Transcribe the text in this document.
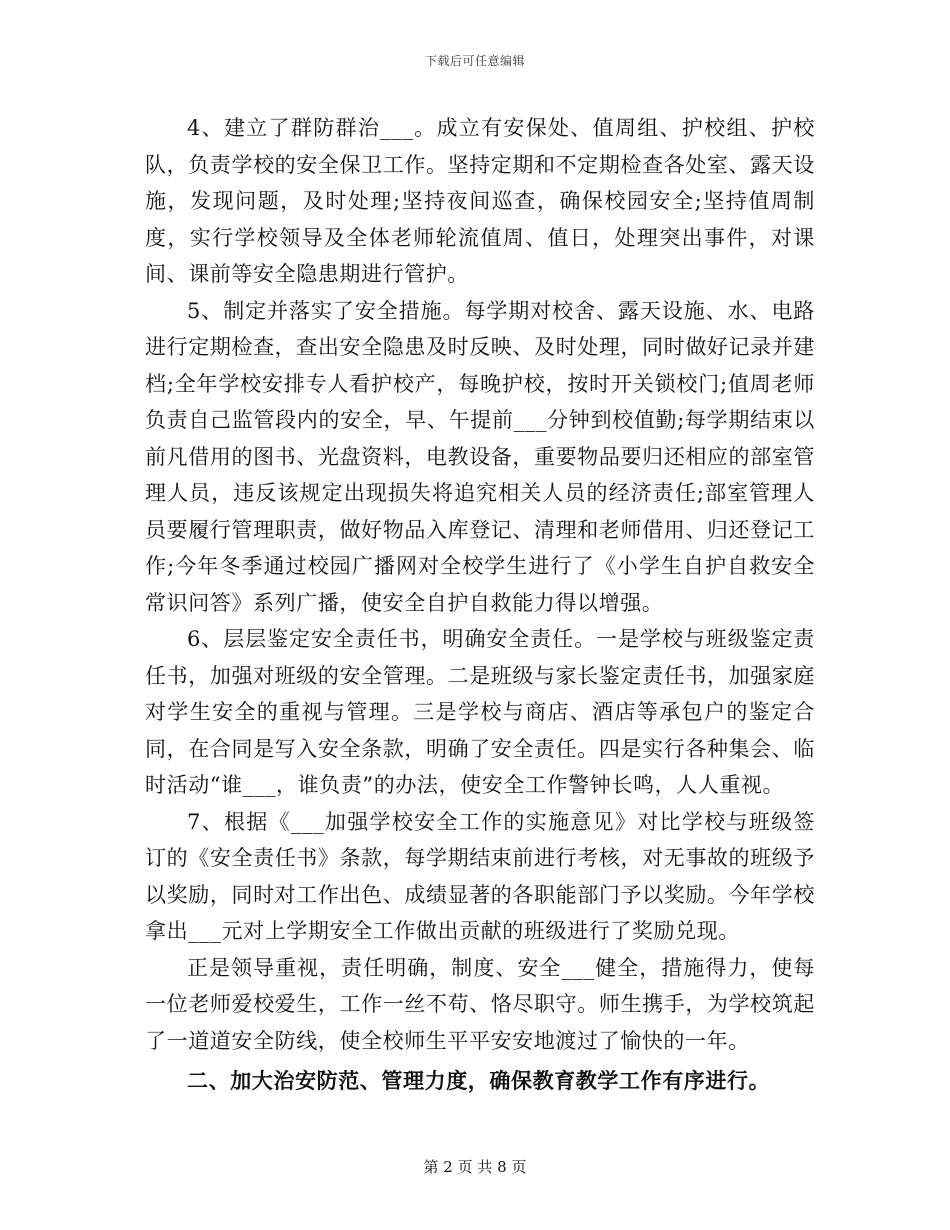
下载后可任意编辑

4、建立了群防群治___。成立有安保处、值周组、护校组、护校队，负责学校的安全保卫工作。坚持定期和不定期检查各处室、露天设施，发现问题，及时处理;坚持夜间巡查，确保校园安全;坚持值周制度，实行学校领导及全体老师轮流值周、值日，处理突出事件，对课间、课前等安全隐患期进行管护。

5、制定并落实了安全措施。每学期对校舍、露天设施、水、电路进行定期检查，查出安全隐患及时反映、及时处理，同时做好记录并建档;全年学校安排专人看护校产，每晚护校，按时开关锁校门;值周老师负责自己监管段内的安全，早、午提前___分钟到校值勤;每学期结束以前凡借用的图书、光盘资料，电教设备，重要物品要归还相应的部室管理人员，违反该规定出现损失将追究相关人员的经济责任;部室管理人员要履行管理职责，做好物品入库登记、清理和老师借用、归还登记工作;今年冬季通过校园广播网对全校学生进行了《小学生自护自救安全常识问答》系列广播，使安全自护自救能力得以增强。

6、层层鉴定安全责任书，明确安全责任。一是学校与班级鉴定责任书，加强对班级的安全管理。二是班级与家长鉴定责任书，加强家庭对学生安全的重视与管理。三是学校与商店、酒店等承包户的鉴定合同，在合同是写入安全条款，明确了安全责任。四是实行各种集会、临时活动“谁___，谁负责”的办法，使安全工作警钟长鸣，人人重视。

7、根据《___加强学校安全工作的实施意见》对比学校与班级签订的《安全责任书》条款，每学期结束前进行考核，对无事故的班级予以奖励，同时对工作出色、成绩显著的各职能部门予以奖励。今年学校拿出___元对上学期安全工作做出贡献的班级进行了奖励兑现。

正是领导重视，责任明确，制度、安全___健全，措施得力，使每一位老师爱校爱生，工作一丝不苟、恪尽职守。师生携手，为学校筑起了一道道安全防线，使全校师生平平安安地渡过了愉快的一年。

二、加大治安防范、管理力度，确保教育教学工作有序进行。

第 2 页 共 8 页
